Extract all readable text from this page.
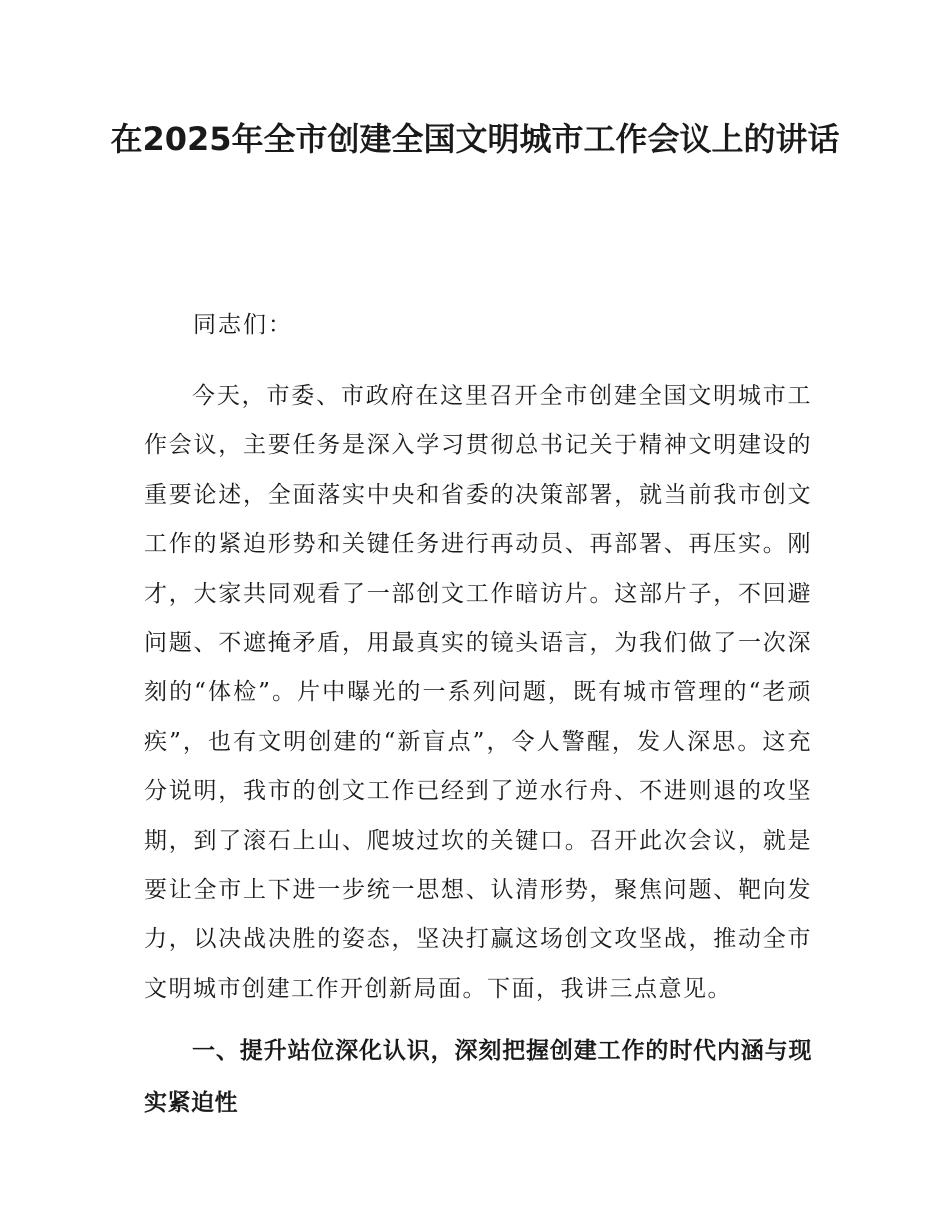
在2025年全市创建全国文明城市工作会议上的讲话

同志们：

今天，市委、市政府在这里召开全市创建全国文明城市工作会议，主要任务是深入学习贯彻总书记关于精神文明建设的重要论述，全面落实中央和省委的决策部署，就当前我市创文工作的紧迫形势和关键任务进行再动员、再部署、再压实。刚才，大家共同观看了一部创文工作暗访片。这部片子，不回避问题、不遮掩矛盾，用最真实的镜头语言，为我们做了一次深刻的“体检”。片中曝光的一系列问题，既有城市管理的“老顽疾”，也有文明创建的“新盲点”，令人警醒，发人深思。这充分说明，我市的创文工作已经到了逆水行舟、不进则退的攻坚期，到了滚石上山、爬坡过坎的关键口。召开此次会议，就是要让全市上下进一步统一思想、认清形势，聚焦问题、靶向发力，以决战决胜的姿态，坚决打赢这场创文攻坚战，推动全市文明城市创建工作开创新局面。下面，我讲三点意见。

一、提升站位深化认识，深刻把握创建工作的时代内涵与现实紧迫性
